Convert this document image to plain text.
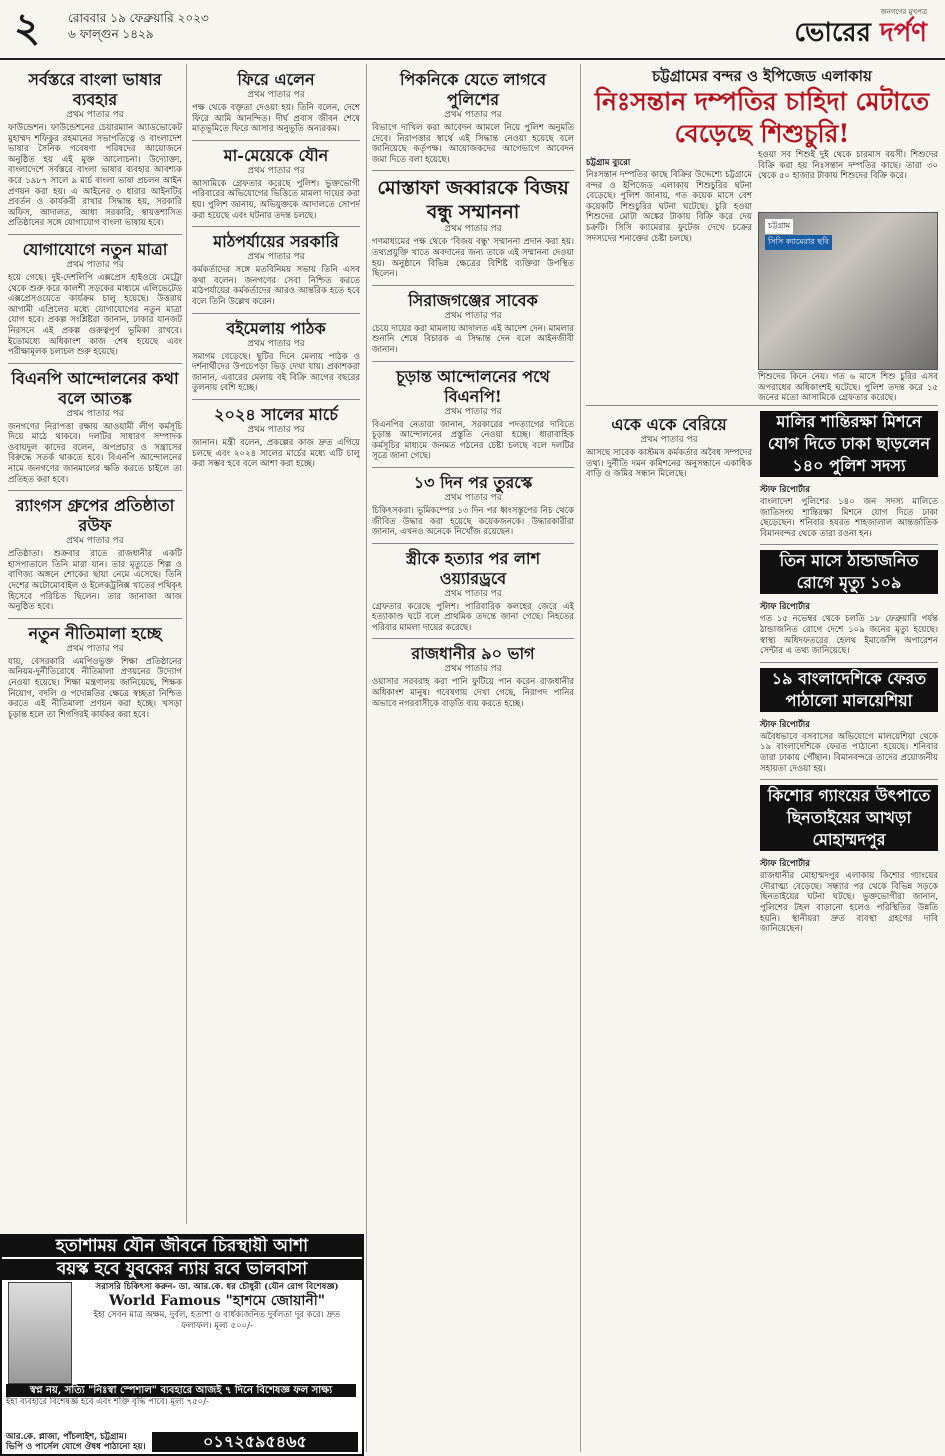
২ রোববার ১৯ ফেব্রুয়ারি ২০২৩
৬ ফাল্গুন ১৪২৯
জনগণের মুখপত্র
ভোরের দর্পণ
সর্বস্তরে বাংলা ভাষার ব্যবহার
প্রথম পাতার পর

ফাউন্ডেশন। ফাউন্ডেশনের চেয়ারম্যান অ্যাডভোকেট মুহাম্মদ শফিকুর রহমানের সভাপতিত্বে ও বাংলাদেশ ভাষার সৈনিক গবেষণা পরিষদের আয়োজনে অনুষ্ঠিত হয় এই মুক্ত আলোচনা। উদ্যোক্তা, বাংলাদেশে সর্বস্তরে বাংলা ভাষার ব্যবহার আবশ্যক করে ১৯৮৭ সালে ৯ মার্চ বাংলা ভাষা প্রচলন আইন প্রণয়ন করা হয়। এ আইনের ৩ ধারার আইনটির প্রবর্তন ও কার্যকরী রাখার সিদ্ধান্ত হয়, সরকারি অফিস, আদালত, আধা সরকারি, স্বায়ত্তশাসিত প্রতিষ্ঠানের সঙ্গে যোগাযোগ বাংলা ভাষায় হবে।

যোগাযোগে নতুন মাত্রা
প্রথম পাতার পর

হয়ে গেছে। দুই-দেশলিপি এক্সপ্রেস হাইওয়ে মেট্রো থেকে শুরু করে কালশী সড়কের মাধ্যমে এলিভেটেড এক্সপ্রেসওয়েতে কার্যক্রম চালু হয়েছে। উত্তরায় আগামী এপ্রিলের মধ্যে যোগাযোগের নতুন মাত্রা যোগ হবে। প্রকল্প সংশ্লিষ্টরা জানান, ঢাকার যানজট নিরসনে এই প্রকল্প গুরুত্বপূর্ণ ভূমিকা রাখবে। ইতোমধ্যে অধিকাংশ কাজ শেষ হয়েছে এবং পরীক্ষামূলক চলাচল শুরু হয়েছে।

বিএনপি আন্দোলনের কথা বলে আতঙ্ক
প্রথম পাতার পর

জনগণের নিরাপত্তা রক্ষায় আওয়ামী লীগ কর্মসূচি দিয়ে মাঠে থাকবে। দলটির সাধারণ সম্পাদক ওবায়দুল কাদের বলেন, অপপ্রচার ও সন্ত্রাসের বিরুদ্ধে সতর্ক থাকতে হবে। বিএনপি আন্দোলনের নামে জনগণের জানমালের ক্ষতি করতে চাইলে তা প্রতিহত করা হবে।

র‍্যাংগস গ্রুপের প্রতিষ্ঠাতা রউফ
প্রথম পাতার পর

প্রতিষ্ঠাতা। শুক্রবার রাতে রাজধানীর একটি হাসপাতালে তিনি মারা যান। তার মৃত্যুতে শিল্প ও বাণিজ্য অঙ্গনে শোকের ছায়া নেমে এসেছে। তিনি দেশের অটোমোবাইল ও ইলেকট্রনিক্স খাতের পথিকৃৎ হিসেবে পরিচিত ছিলেন। তার জানাজা আজ অনুষ্ঠিত হবে।

নতুন নীতিমালা হচ্ছে
প্রথম পাতার পর

যায়, বেসরকারি এমপিওভুক্ত শিক্ষা প্রতিষ্ঠানের অনিয়ম-দুর্নীতিরোধে নীতিমালা প্রণয়নের উদ্যোগ নেওয়া হয়েছে। শিক্ষা মন্ত্রণালয় জানিয়েছে, শিক্ষক নিয়োগ, বদলি ও পদোন্নতির ক্ষেত্রে স্বচ্ছতা নিশ্চিত করতে এই নীতিমালা প্রণয়ন করা হচ্ছে। খসড়া চূড়ান্ত হলে তা শিগগিরই কার্যকর করা হবে।

ফিরে এলেন
প্রথম পাতার পর

পক্ষ থেকে বক্তৃতা দেওয়া হয়। তিনি বলেন, দেশে ফিরে আমি আনন্দিত। দীর্ঘ প্রবাস জীবন শেষে মাতৃভূমিতে ফিরে আসার অনুভূতি অন্যরকম।

মা-মেয়েকে যৌন
প্রথম পাতার পর

আসামিকে গ্রেফতার করেছে পুলিশ। ভুক্তভোগী পরিবারের অভিযোগের ভিত্তিতে মামলা দায়ের করা হয়। পুলিশ জানায়, অভিযুক্তকে আদালতে সোপর্দ করা হয়েছে এবং ঘটনার তদন্ত চলছে।

মাঠপর্যায়ের সরকারি
প্রথম পাতার পর

কর্মকর্তাদের সঙ্গে মতবিনিময় সভায় তিনি এসব কথা বলেন। জনগণের সেবা নিশ্চিত করতে মাঠপর্যায়ের কর্মকর্তাদের আরও আন্তরিক হতে হবে বলে তিনি উল্লেখ করেন।

বইমেলায় পাঠক
প্রথম পাতার পর

সমাগম বেড়েছে। ছুটির দিনে মেলায় পাঠক ও দর্শনার্থীদের উপচেপড়া ভিড় দেখা যায়। প্রকাশকরা জানান, এবারের মেলায় বই বিক্রি আগের বছরের তুলনায় বেশি হচ্ছে।

২০২৪ সালের মার্চে
প্রথম পাতার পর

জানান। মন্ত্রী বলেন, প্রকল্পের কাজ দ্রুত এগিয়ে চলছে এবং ২০২৪ সালের মার্চের মধ্যে এটি চালু করা সম্ভব হবে বলে আশা করা হচ্ছে।

পিকনিকে যেতে লাগবে পুলিশের
প্রথম পাতার পর

বিভাগে দাখিল করা আবেদন আমলে নিয়ে পুলিশ অনুমতি দেবে। নিরাপত্তার স্বার্থে এই সিদ্ধান্ত নেওয়া হয়েছে বলে জানিয়েছে কর্তৃপক্ষ। আয়োজকদের আগেভাগে আবেদন জমা দিতে বলা হয়েছে।

মোস্তাফা জব্বারকে বিজয় বন্ধু সম্মাননা
প্রথম পাতার পর

গণমাধ্যমের পক্ষ থেকে 'বিজয় বন্ধু' সম্মাননা প্রদান করা হয়। তথ্যপ্রযুক্তি খাতে অবদানের জন্য তাকে এই সম্মাননা দেওয়া হয়। অনুষ্ঠানে বিভিন্ন ক্ষেত্রের বিশিষ্ট ব্যক্তিরা উপস্থিত ছিলেন।

সিরাজগঞ্জের সাবেক
প্রথম পাতার পর

চেয়ে দায়ের করা মামলায় আদালত এই আদেশ দেন। মামলার শুনানি শেষে বিচারক এ সিদ্ধান্ত দেন বলে আইনজীবী জানান।

চূড়ান্ত আন্দোলনের পথে বিএনপি!
প্রথম পাতার পর

বিএনপির নেতারা জানান, সরকারের পদত্যাগের দাবিতে চূড়ান্ত আন্দোলনের প্রস্তুতি নেওয়া হচ্ছে। ধারাবাহিক কর্মসূচির মাধ্যমে জনমত গঠনের চেষ্টা চলছে বলে দলটির সূত্রে জানা গেছে।

১৩ দিন পর তুরস্কে
প্রথম পাতার পর

চিকিৎসকরা। ভূমিকম্পের ১৩ দিন পর ধ্বংসস্তূপের নিচ থেকে জীবিত উদ্ধার করা হয়েছে কয়েকজনকে। উদ্ধারকারীরা জানান, এখনও অনেকে নিখোঁজ রয়েছেন।

স্ত্রীকে হত্যার পর লাশ ওয়্যারড্রবে
প্রথম পাতার পর

গ্রেফতার করেছে পুলিশ। পারিবারিক কলহের জেরে এই হত্যাকাণ্ড ঘটে বলে প্রাথমিক তদন্তে জানা গেছে। নিহতের পরিবার মামলা দায়ের করেছে।

রাজধানীর ৯০ ভাগ
প্রথম পাতার পর

ওয়াসার সরবরাহ করা পানি ফুটিয়ে পান করেন রাজধানীর অধিকাংশ মানুষ। গবেষণায় দেখা গেছে, নিরাপদ পানির অভাবে নগরবাসীকে বাড়তি ব্যয় করতে হচ্ছে।

চট্টগ্রামের বন্দর ও ইপিজেড এলাকায়
নিঃসন্তান দম্পতির চাহিদা মেটাতে বেড়েছে শিশুচুরি!
চট্টগ্রাম ব্যুরো

নিঃসন্তান দম্পতির কাছে বিক্রির উদ্দেশ্যে চট্টগ্রামে বন্দর ও ইপিজেড এলাকায় শিশুচুরির ঘটনা বেড়েছে। পুলিশ জানায়, গত কয়েক মাসে বেশ কয়েকটি শিশুচুরির ঘটনা ঘটেছে। চুরি হওয়া শিশুদের মোটা অঙ্কের টাকায় বিক্রি করে দেয় চক্রটি। সিসি ক্যামেরার ফুটেজ দেখে চক্রের সদস্যদের শনাক্তের চেষ্টা চলছে।

হওয়া সব শিশুই দুই থেকে চারমাস বয়সী। শিশুদের বিক্রি করা হয় নিঃসন্তান দম্পতির কাছে। তারা ৩০ থেকে ৫০ হাজার টাকায় শিশুদের বিক্রি করে।

চট্টগ্রাম
সিসি ক্যামেরার ছবি

শিশুদের কিনে নেয়। গত ৬ মাসে শিশু চুরির এসব অপরাধের অধিকাংশই ঘটেছে। পুলিশ তদন্ত করে ১৫ জনের মতো আসামিকে গ্রেফতার করেছে।

একে একে বেরিয়ে
প্রথম পাতার পর

আসছে সাবেক কাস্টমস কর্মকর্তার অবৈধ সম্পদের তথ্য। দুর্নীতি দমন কমিশনের অনুসন্ধানে একাধিক বাড়ি ও জমির সন্ধান মিলেছে।

মালির শান্তিরক্ষা মিশনে যোগ দিতে ঢাকা ছাড়লেন ১৪০ পুলিশ সদস্য
স্টাফ রিপোর্টার

বাংলাদেশ পুলিশের ১৪০ জন সদস্য মালিতে জাতিসংঘ শান্তিরক্ষা মিশনে যোগ দিতে ঢাকা ছেড়েছেন। শনিবার হযরত শাহজালাল আন্তর্জাতিক বিমানবন্দর থেকে তারা রওনা হন।

তিন মাসে ঠান্ডাজনিত রোগে মৃত্যু ১০৯
স্টাফ রিপোর্টার

গত ১৫ নভেম্বর থেকে চলতি ১৮ ফেব্রুয়ারি পর্যন্ত ঠান্ডাজনিত রোগে দেশে ১০৯ জনের মৃত্যু হয়েছে। স্বাস্থ্য অধিদফতরের হেলথ ইমার্জেন্সি অপারেশন সেন্টার এ তথ্য জানিয়েছে।

১৯ বাংলাদেশিকে ফেরত পাঠালো মালয়েশিয়া
স্টাফ রিপোর্টার

অবৈধভাবে বসবাসের অভিযোগে মালয়েশিয়া থেকে ১৯ বাংলাদেশিকে ফেরত পাঠানো হয়েছে। শনিবার তারা ঢাকায় পৌঁছান। বিমানবন্দরে তাদের প্রয়োজনীয় সহায়তা দেওয়া হয়।

কিশোর গ্যাংয়ের উৎপাতে ছিনতাইয়ের আখড়া মোহাম্মদপুর
স্টাফ রিপোর্টার

রাজধানীর মোহাম্মদপুর এলাকায় কিশোর গ্যাংয়ের দৌরাত্ম্য বেড়েছে। সন্ধ্যার পর থেকে বিভিন্ন সড়কে ছিনতাইয়ের ঘটনা ঘটছে। ভুক্তভোগীরা জানান, পুলিশের টহল বাড়ানো হলেও পরিস্থিতির উন্নতি হয়নি। স্থানীয়রা দ্রুত ব্যবস্থা গ্রহণের দাবি জানিয়েছেন।

হতাশাময় যৌন জীবনে চিরস্থায়ী আশা
বয়স্ক হবে যুবকের ন্যায় রবে ভালবাসা
সরাসরি চিকিৎসা করুন- ডা. আর.কে. ধর চৌধুরী (যৌন রোগ বিশেষজ্ঞ)
World Famous "হাশমে জোয়ানী"
ইহা সেবন মাত্র অক্ষম, দুর্বল, হতাশা ও বার্ধক্যজনিত দুর্বলতা দূর করে। দ্রুত ফলাফল। মূল্য ৫০০/-
স্বপ্ন নয়, সত্যি "নিঃস্বা স্পেশাল" ব্যবহারে আজই ৭ দিনে বিশেষজ্ঞ ফল সাক্ষ্য
ইহা ব্যবহারে বিশেষজ্ঞ হবে এবং শক্তি বৃদ্ধি পাবে। মূল্য ৭৫০/-
আর.কে. প্লাজা, পাঁচলাইশ, চট্টগ্রাম। ভিপি ও পার্সেল যোগে ঔষধ পাঠানো হয়।	০১৭২৫৯৫৪৬৫
